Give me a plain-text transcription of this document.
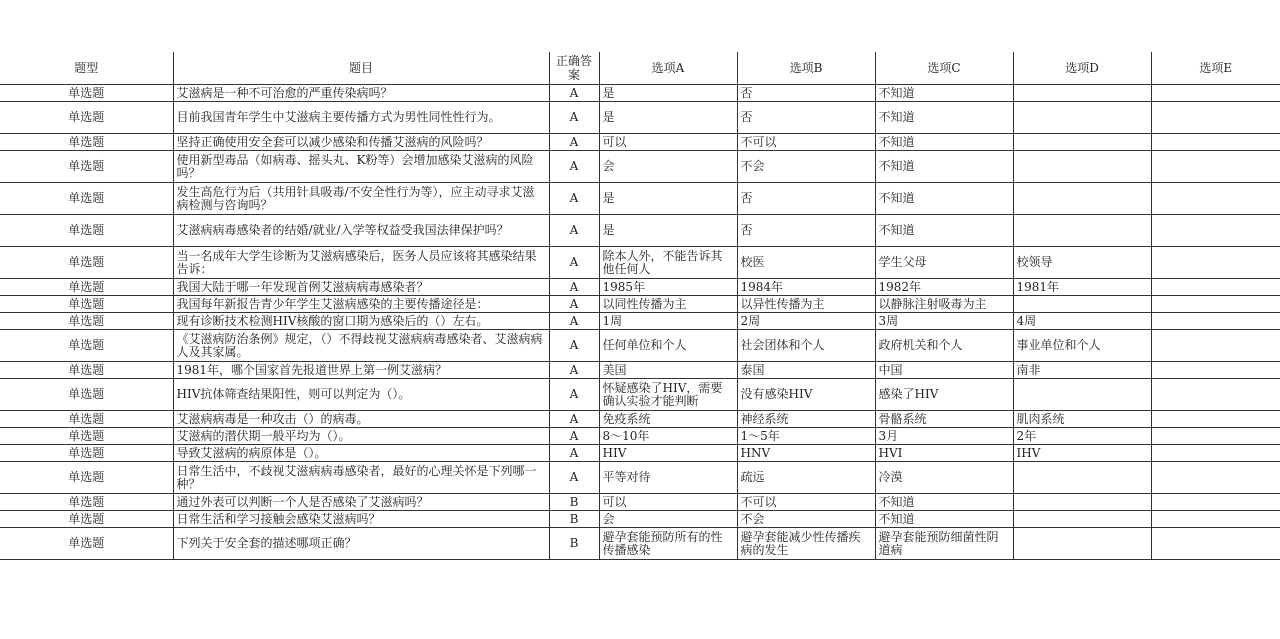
题型	题目	正确答案	选项A	选项B	选项C	选项D	选项E
单选题	艾滋病是一种不可治愈的严重传染病吗？	A	是	否	不知道		
单选题	目前我国青年学生中艾滋病主要传播方式为男性同性性行为。	A	是	否	不知道		
单选题	坚持正确使用安全套可以减少感染和传播艾滋病的风险吗？	A	可以	不可以	不知道		
单选题	使用新型毒品（如病毒、摇头丸、K粉等）会增加感染艾滋病的风险吗？	A	会	不会	不知道		
单选题	发生高危行为后（共用针具吸毒/不安全性行为等），应主动寻求艾滋病检测与咨询吗？	A	是	否	不知道		
单选题	艾滋病病毒感染者的结婚/就业/入学等权益受我国法律保护吗？	A	是	否	不知道		
单选题	当一名成年大学生诊断为艾滋病感染后，医务人员应该将其感染结果告诉：	A	除本人外，不能告诉其他任何人	校医	学生父母	校领导	
单选题	我国大陆于哪一年发现首例艾滋病病毒感染者？	A	1985年	1984年	1982年	1981年	
单选题	我国每年新报告青少年学生艾滋病感染的主要传播途径是：	A	以同性传播为主	以异性传播为主	以静脉注射吸毒为主		
单选题	现有诊断技术检测HIV核酸的窗口期为感染后的（）左右。	A	1周	2周	3周	4周	
单选题	《艾滋病防治条例》规定，（）不得歧视艾滋病病毒感染者、艾滋病病人及其家属。	A	任何单位和个人	社会团体和个人	政府机关和个人	事业单位和个人	
单选题	1981年，哪个国家首先报道世界上第一例艾滋病？	A	美国	泰国	中国	南非	
单选题	HIV抗体筛查结果阳性，则可以判定为（）。	A	怀疑感染了HIV，需要确认实验才能判断	没有感染HIV	感染了HIV		
单选题	艾滋病病毒是一种攻击（）的病毒。	A	免疫系统	神经系统	骨骼系统	肌肉系统	
单选题	艾滋病的潜伏期一般平均为（）。	A	8～10年	1～5年	3月	2年	
单选题	导致艾滋病的病原体是（）。	A	HIV	HNV	HVI	IHV	
单选题	日常生活中，不歧视艾滋病病毒感染者，最好的心理关怀是下列哪一种？	A	平等对待	疏远	冷漠		
单选题	通过外表可以判断一个人是否感染了艾滋病吗？	B	可以	不可以	不知道		
单选题	日常生活和学习接触会感染艾滋病吗？	B	会	不会	不知道		
单选题	下列关于安全套的描述哪项正确？	B	避孕套能预防所有的性传播感染	避孕套能减少性传播疾病的发生	避孕套能预防细菌性阴道病		
